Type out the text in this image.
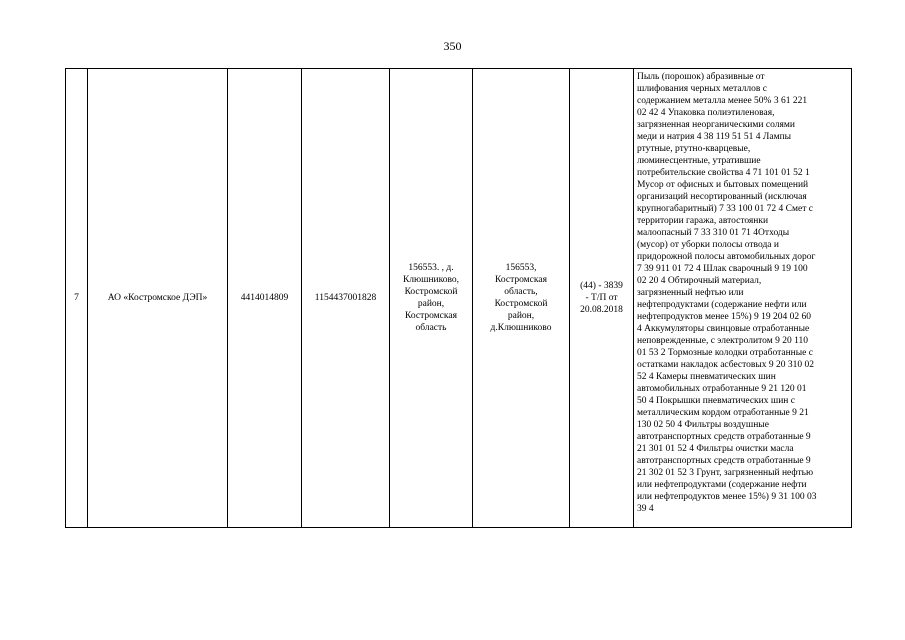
350
7	АО «Костромское ДЭП»	4414014809	1154437001828	156553. , д.
Клюшниково,
Костромской
район,
Костромская
область	156553,
Костромская
область,
Костромской
район,
д.Клюшниково	(44) - 3839
- Т/П от
20.08.2018	Пыль (порошок) абразивные от
шлифования черных металлов с
содержанием металла менее 50% 3 61 221
02 42 4 Упаковка полиэтиленовая,
загрязненная неорганическими солями
меди и натрия 4 38 119 51 51 4 Лампы
ртутные, ртутно-кварцевые,
люминесцентные, утратившие
потребительские свойства 4 71 101 01 52 1
Мусор от офисных и бытовых помещений
организаций несортированный (исключая
крупногабаритный) 7 33 100 01 72 4 Смет с
территории гаража, автостоянки
малоопасный 7 33 310 01 71 4Отходы
(мусор) от уборки полосы отвода и
придорожной полосы автомобильных дорог
7 39 911 01 72 4 Шлак сварочный 9 19 100
02 20 4 Обтирочный материал,
загрязненный нефтью или
нефтепродуктами (содержание нефти или
нефтепродуктов менее 15%) 9 19 204 02 60
4 Аккумуляторы свинцовые отработанные
неповрежденные, с электролитом 9 20 110
01 53 2 Тормозные колодки отработанные с
остатками накладок асбестовых 9 20 310 02
52 4 Камеры пневматических шин
автомобильных отработанные 9 21 120 01
50 4 Покрышки пневматических шин с
металлическим кордом отработанные 9 21
130 02 50 4 Фильтры воздушные
автотранспортных средств отработанные 9
21 301 01 52 4 Фильтры очистки масла
автотранспортных средств отработанные 9
21 302 01 52 3 Грунт, загрязненный нефтью
или нефтепродуктами (содержание нефти
или нефтепродуктов менее 15%) 9 31 100 03
39 4
